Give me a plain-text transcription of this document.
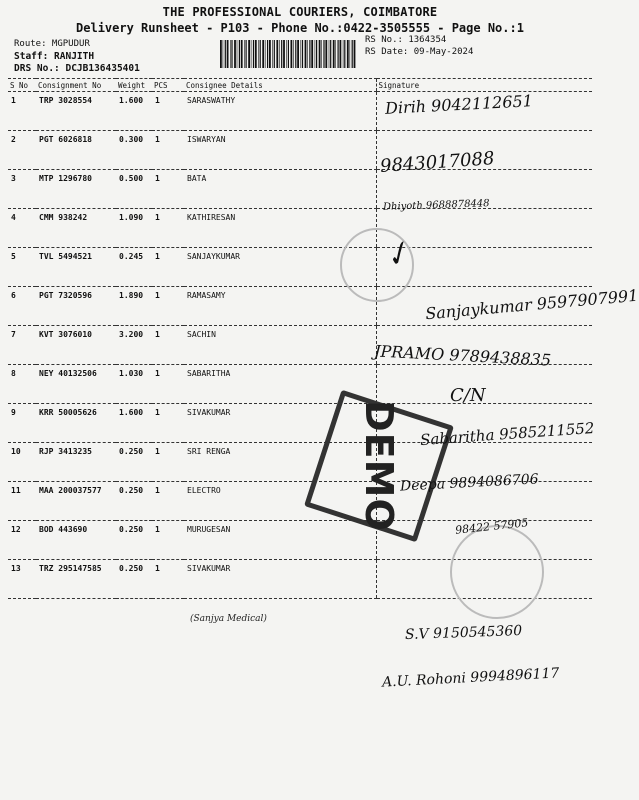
THE PROFESSIONAL COURIERS, COIMBATORE
Delivery Runsheet - P103 - Phone No.:0422-3505555 - Page No.:1
Route: MGPUDUR
Staff: RANJITH
DRS No.: DCJB136435401
RS No.: 1364354
RS Date: 09-May-2024
S No	Consignment No	Weight	PCS	Consignee Details	Signature
1	TRP 3028554	1.600	1	SARASWATHY	
2	PGT 6026818	0.300	1	ISWARYAN	
3	MTP 1296780	0.500	1	BATA	
4	CMM 938242	1.090	1	KATHIRESAN	
5	TVL 5494521	0.245	1	SANJAYKUMAR	
6	PGT 7320596	1.890	1	RAMASAMY	
7	KVT 3076010	3.200	1	SACHIN	
8	NEY 40132506	1.030	1	SABARITHA	
9	KRR 50005626	1.600	1	SIVAKUMAR	
10	RJP 3413235	0.250	1	SRI RENGA	
11	MAA 200037577	0.250	1	ELECTRO	
12	BOD 443690	0.250	1	MURUGESAN	
13	TRZ 295147585	0.250	1	SIVAKUMAR	
(Sanjya Medical)
DEMO
Dirih 9042112651
9843017088
Dhiyoth 9688878448
✓
Sanjaykumar 9597907991
JPRAMO 9789438835
C/N
Sabaritha 9585211552
Deepa 9894086706
98422 57905
S.V 9150545360
A.U. Rohoni 9994896117
